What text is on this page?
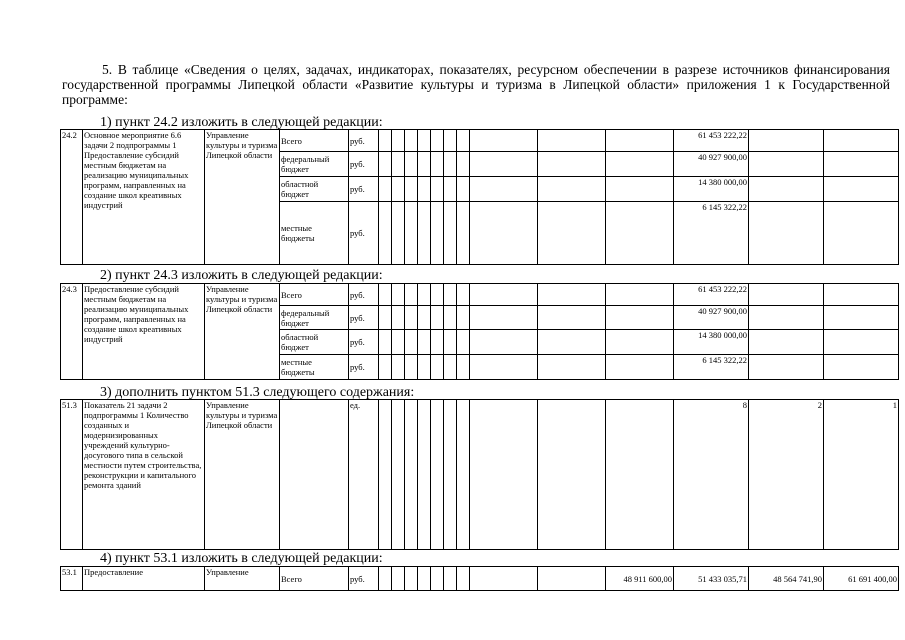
5. В таблице «Сведения о целях, задачах, индикаторах, показателях, ресурсном обеспечении в разрезе источников финансирования государственной программы Липецкой области «Развитие культуры и туризма в Липецкой области» приложения 1 к Государственной программе:

1) пункт 24.2 изложить в следующей редакции:
24.2	Основное мероприятие 6.6 задачи 2 подпрограммы 1 Предоставление субсидий местным бюджетам на реализацию муниципальных программ, направленных на создание школ креативных индустрий	Управление культуры и туризма Липецкой области	Всего	руб.											61 453 222,22		
			федеральный бюджет	руб.											40 927 900,00		
			областной бюджет	руб.											14 380 000,00		
			местные бюджеты	руб.											6 145 322,22		
2) пункт 24.3 изложить в следующей редакции:
24.3	Предоставление субсидий местным бюджетам на реализацию муниципальных программ, направленных на создание школ креативных индустрий	Управление культуры и туризма Липецкой области	Всего	руб.											61 453 222,22		
			федеральный бюджет	руб.											40 927 900,00		
			областной бюджет	руб.											14 380 000,00		
			местные бюджеты	руб.											6 145 322,22		
3) дополнить пунктом 51.3 следующего содержания:
51.3	Показатель 21 задачи 2 подпрограммы 1 Количество созданных и модернизированных учреждений культурно-досугового типа в сельской местности путем строительства, реконструкции и капитального ремонта зданий	Управление культуры и туризма Липецкой области		ед.											8	2	1
4) пункт 53.1 изложить в следующей редакции:
53.1	Предоставление	Управление	Всего	руб.										48 911 600,00	51 433 035,71	48 564 741,90	61 691 400,00
